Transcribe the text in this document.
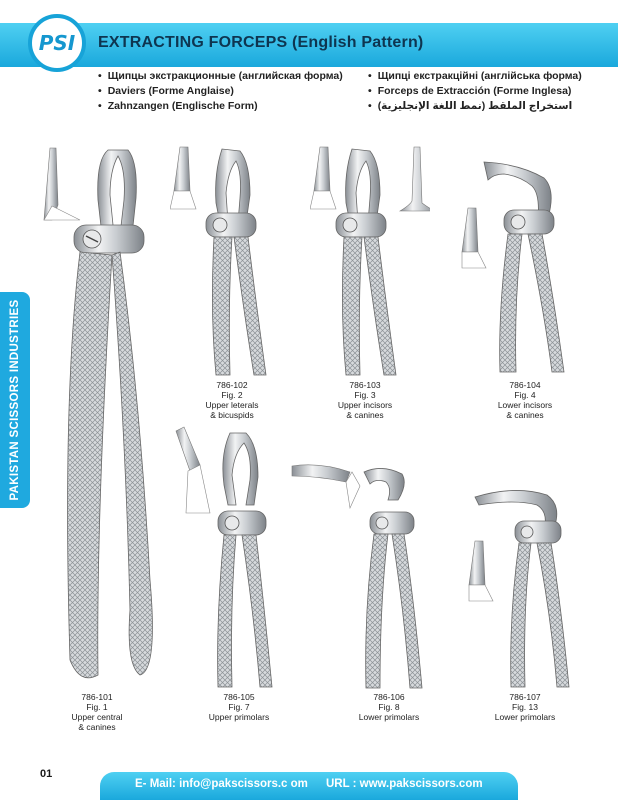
PSI EXTRACTING FORCEPS (English Pattern)
• Щипцы экстракционные (английская форма)
• Daviers (Forme Anglaise)
• Zahnzangen (Englische Form)
• Щипці екстракційні (англійська форма)
• Forceps de Extracción (Forme Inglesa)
• استخراج الملقط (نمط اللغة الإنجليزية)
PAKISTAN SCISSORS INDUSTRIES
786-101
Fig. 1
Upper central
& canines
786-102
Fig. 2
Upper leterals
& bicuspids
786-103
Fig. 3
Upper incisors
& canines
786-104
Fig. 4
Lower incisors
& canines
786-105
Fig. 7
Upper primolars
786-106
Fig. 8
Lower primolars
786-107
Fig. 13
Lower primolars
01
E- Mail: info@pakscissors.c om URL : www.pakscissors.com
